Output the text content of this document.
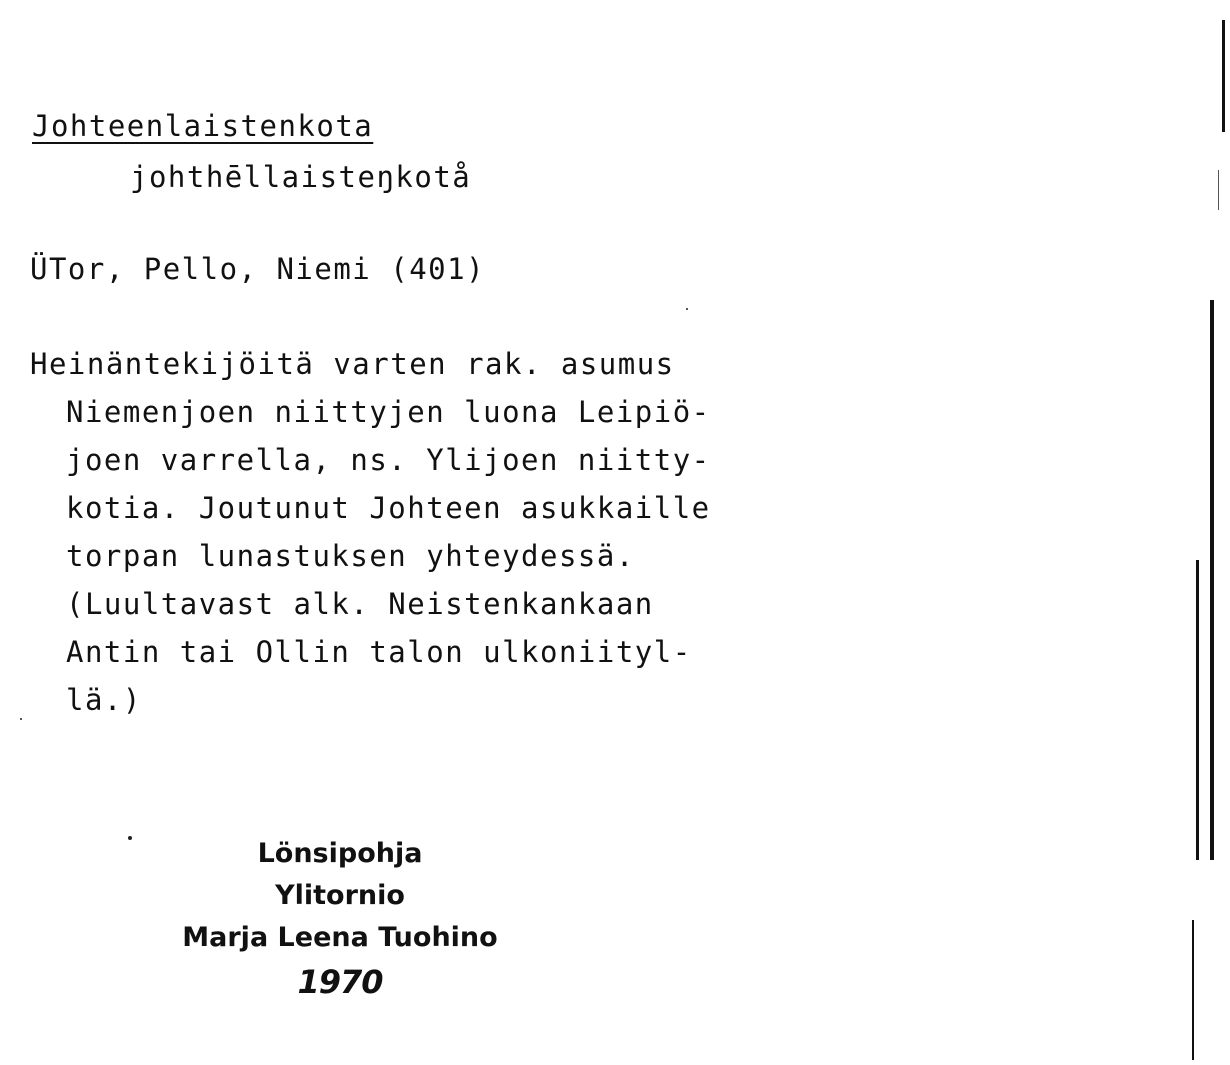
Johteenlaistenkota
johthēllaisteŋkotå
ÜTor, Pello, Niemi (401)
Heinäntekijöitä varten rak. asumus
Niemenjoen niittyjen luona Leipiö-
joen varrella, ns. Ylijoen niitty-
kotia. Joutunut Johteen asukkaille
torpan lunastuksen yhteydessä.
(Luultavast alk. Neistenkankaan
Antin tai Ollin talon ulkoniityl-
lä.)
Lönsipohja
Ylitornio
Marja Leena Tuohino
1970
